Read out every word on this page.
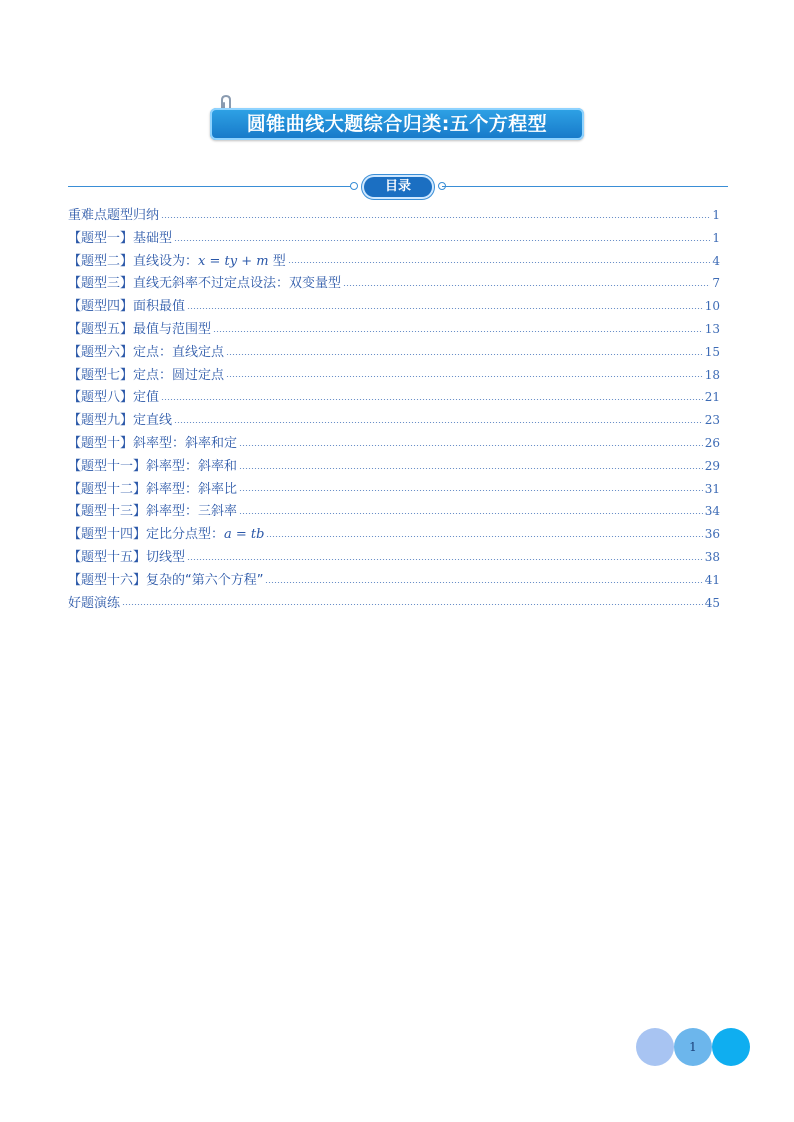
圆锥曲线大题综合归类:五个方程型
目录
重难点题型归纳	1
【题型一】基础型	1
【题型二】直线设为：x = ty + m 型	4
【题型三】直线无斜率不过定点设法：双变量型	7
【题型四】面积最值	10
【题型五】最值与范围型	13
【题型六】定点：直线定点	15
【题型七】定点：圆过定点	18
【题型八】定值	21
【题型九】定直线	23
【题型十】斜率型：斜率和定	26
【题型十一】斜率型：斜率和	29
【题型十二】斜率型：斜率比	31
【题型十三】斜率型：三斜率	34
【题型十四】定比分点型：a = tb	36
【题型十五】切线型	38
【题型十六】复杂的“第六个方程”	41
好题演练	45
1
